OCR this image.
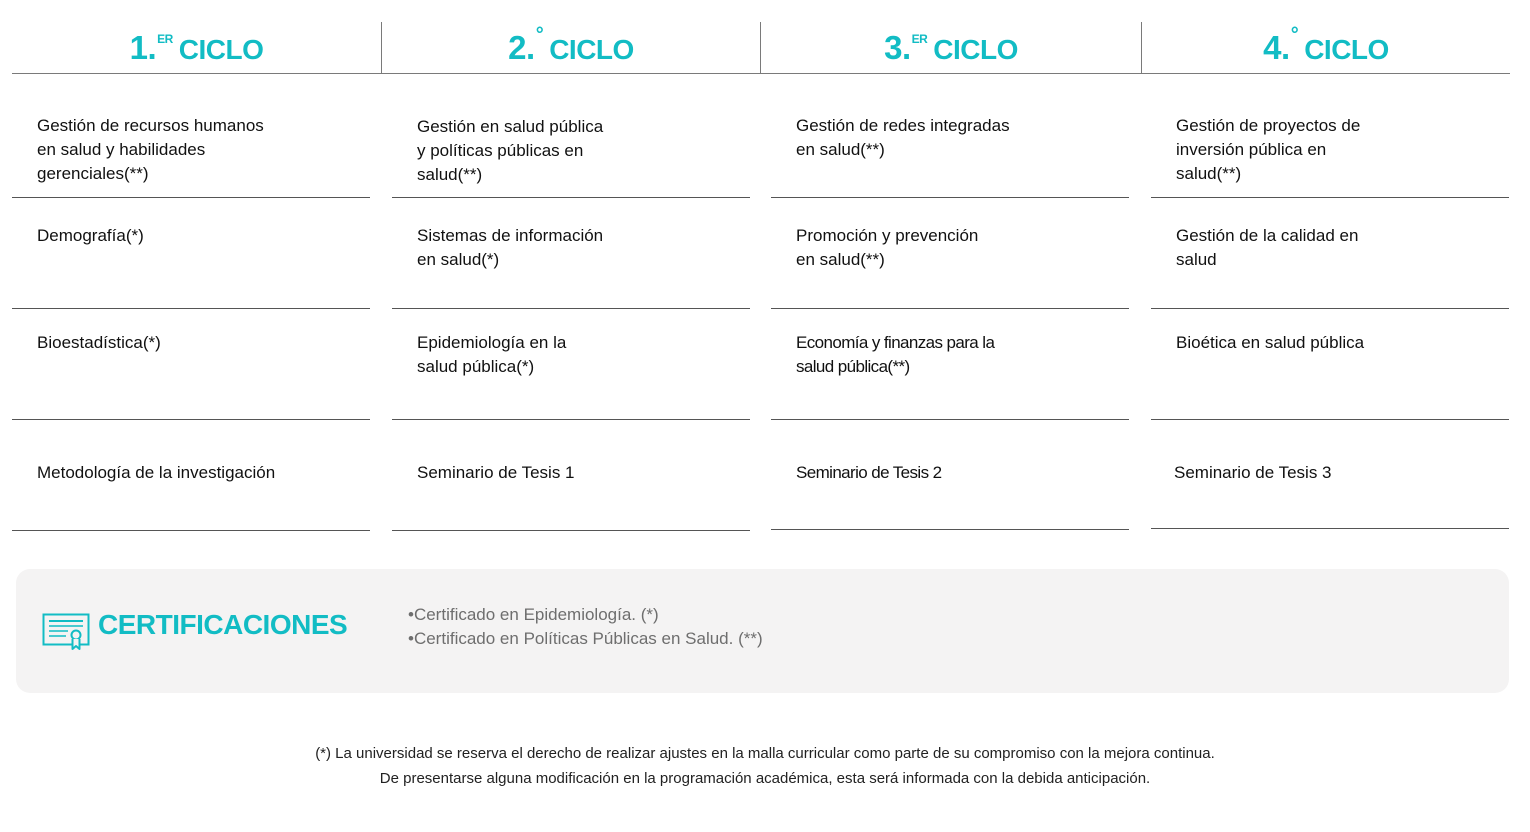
1.$^{ER}$ CICLO	2. ° CICLO	3.$^{ER}$ CICLO	4. ° CICLO
Gestión de recursos humanos
en salud y habilidades
gerenciales(**)
Demografía(*)
Bioestadística(*)
Metodología de la investigación
Gestión en salud pública
y políticas públicas en
salud(**)
Sistemas de información
en salud(*)
Epidemiología en la
salud pública(*)
Seminario de Tesis 1
Gestión de redes integradas
en salud(**)
Promoción y prevención
en salud(**)
Economía y finanzas para la
salud pública(**)
Seminario de Tesis 2
Gestión de proyectos de
inversión pública en
salud(**)
Gestión de la calidad en
salud
Bioética en salud pública
Seminario de Tesis 3
CERTIFICACIONES
•	Certificado en Epidemiología. (*)
• Certificado en Políticas Públicas en Salud. (**)
(*) La universidad se reserva el derecho de realizar ajustes en la malla curricular como parte de su compromiso con la mejora continua.
De presentarse alguna modificación en la programación académica, esta será informada con la debida anticipación.
